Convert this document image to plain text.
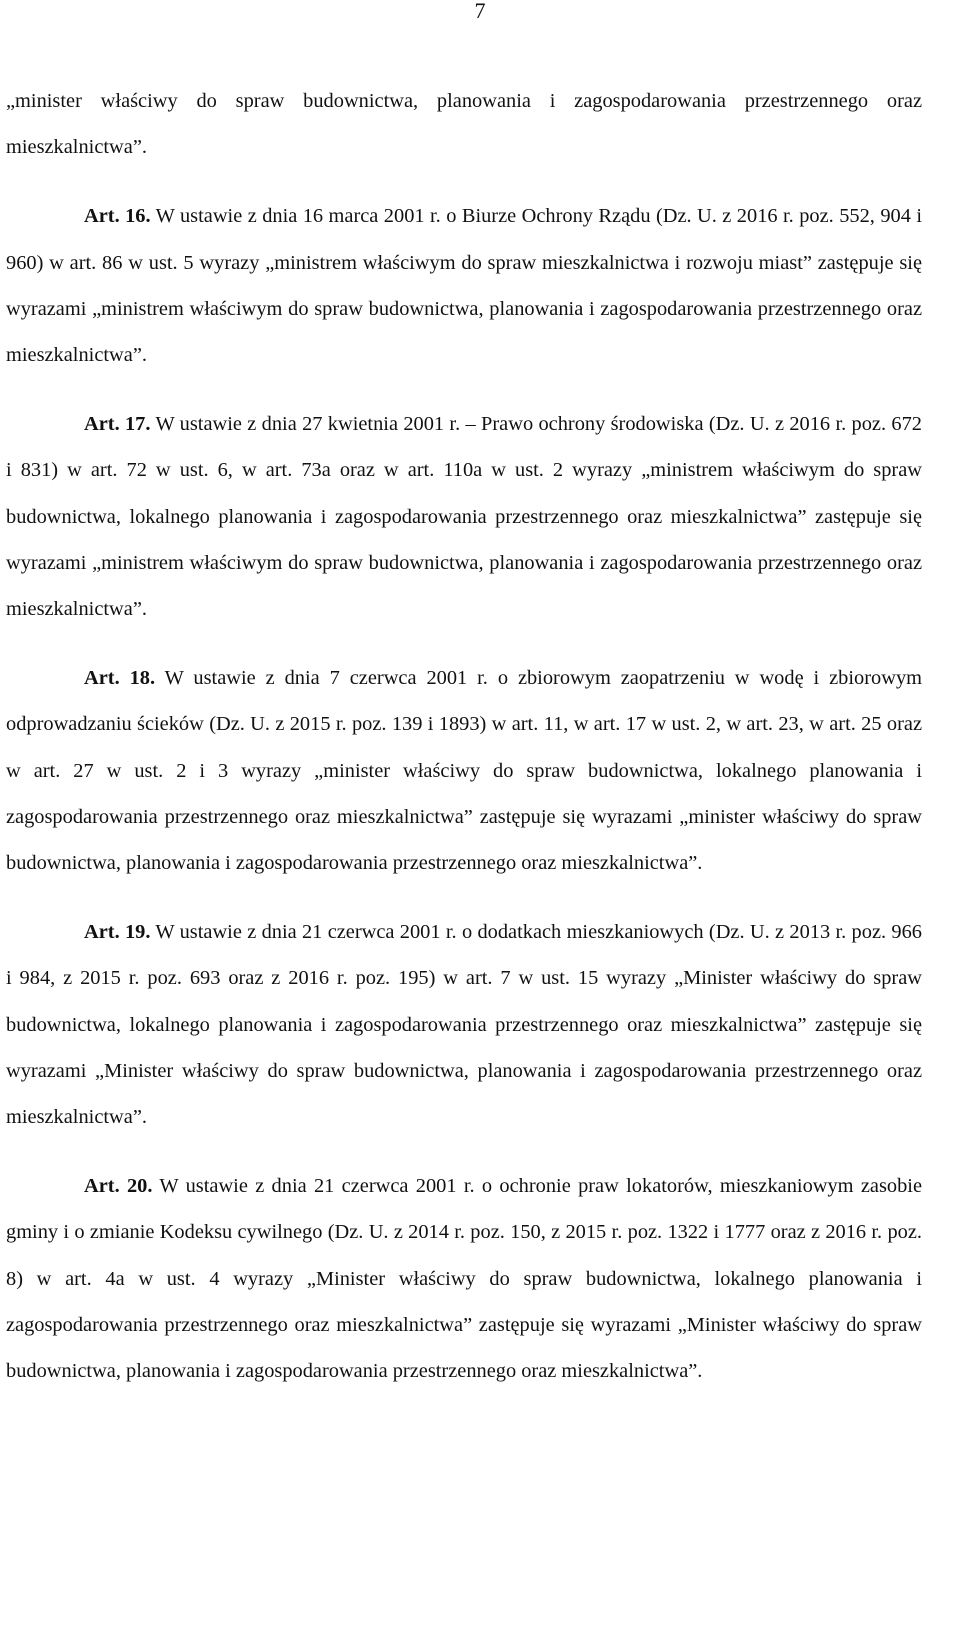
7

„minister właściwy do spraw budownictwa, planowania i zagospodarowania przestrzennego oraz mieszkalnictwa”.

Art. 16. W ustawie z dnia 16 marca 2001 r. o Biurze Ochrony Rządu (Dz. U. z 2016 r. poz. 552, 904 i 960) w art. 86 w ust. 5 wyrazy „ministrem właściwym do spraw mieszkalnictwa i rozwoju miast” zastępuje się wyrazami „ministrem właściwym do spraw budownictwa, planowania i zagospodarowania przestrzennego oraz mieszkalnictwa”.

Art. 17. W ustawie z dnia 27 kwietnia 2001 r. – Prawo ochrony środowiska (Dz. U. z 2016 r. poz. 672 i 831) w art. 72 w ust. 6, w art. 73a oraz w art. 110a w ust. 2 wyrazy „ministrem właściwym do spraw budownictwa, lokalnego planowania i zagospodarowania przestrzennego oraz mieszkalnictwa” zastępuje się wyrazami „ministrem właściwym do spraw budownictwa, planowania i zagospodarowania przestrzennego oraz mieszkalnictwa”.

Art. 18. W ustawie z dnia 7 czerwca 2001 r. o zbiorowym zaopatrzeniu w wodę i zbiorowym odprowadzaniu ścieków (Dz. U. z 2015 r. poz. 139 i 1893) w art. 11, w art. 17 w ust. 2, w art. 23, w art. 25 oraz w art. 27 w ust. 2 i 3 wyrazy „minister właściwy do spraw budownictwa, lokalnego planowania i zagospodarowania przestrzennego oraz mieszkalnictwa” zastępuje się wyrazami „minister właściwy do spraw budownictwa, planowania i zagospodarowania przestrzennego oraz mieszkalnictwa”.

Art. 19. W ustawie z dnia 21 czerwca 2001 r. o dodatkach mieszkaniowych (Dz. U. z 2013 r. poz. 966 i 984, z 2015 r. poz. 693 oraz z 2016 r. poz. 195) w art. 7 w ust. 15 wyrazy „Minister właściwy do spraw budownictwa, lokalnego planowania i zagospodarowania przestrzennego oraz mieszkalnictwa” zastępuje się wyrazami „Minister właściwy do spraw budownictwa, planowania i zagospodarowania przestrzennego oraz mieszkalnictwa”.

Art. 20. W ustawie z dnia 21 czerwca 2001 r. o ochronie praw lokatorów, mieszkaniowym zasobie gminy i o zmianie Kodeksu cywilnego (Dz. U. z 2014 r. poz. 150, z 2015 r. poz. 1322 i 1777 oraz z 2016 r. poz. 8) w art. 4a w ust. 4 wyrazy „Minister właściwy do spraw budownictwa, lokalnego planowania i zagospodarowania przestrzennego oraz mieszkalnictwa” zastępuje się wyrazami „Minister właściwy do spraw budownictwa, planowania i zagospodarowania przestrzennego oraz mieszkalnictwa”.
